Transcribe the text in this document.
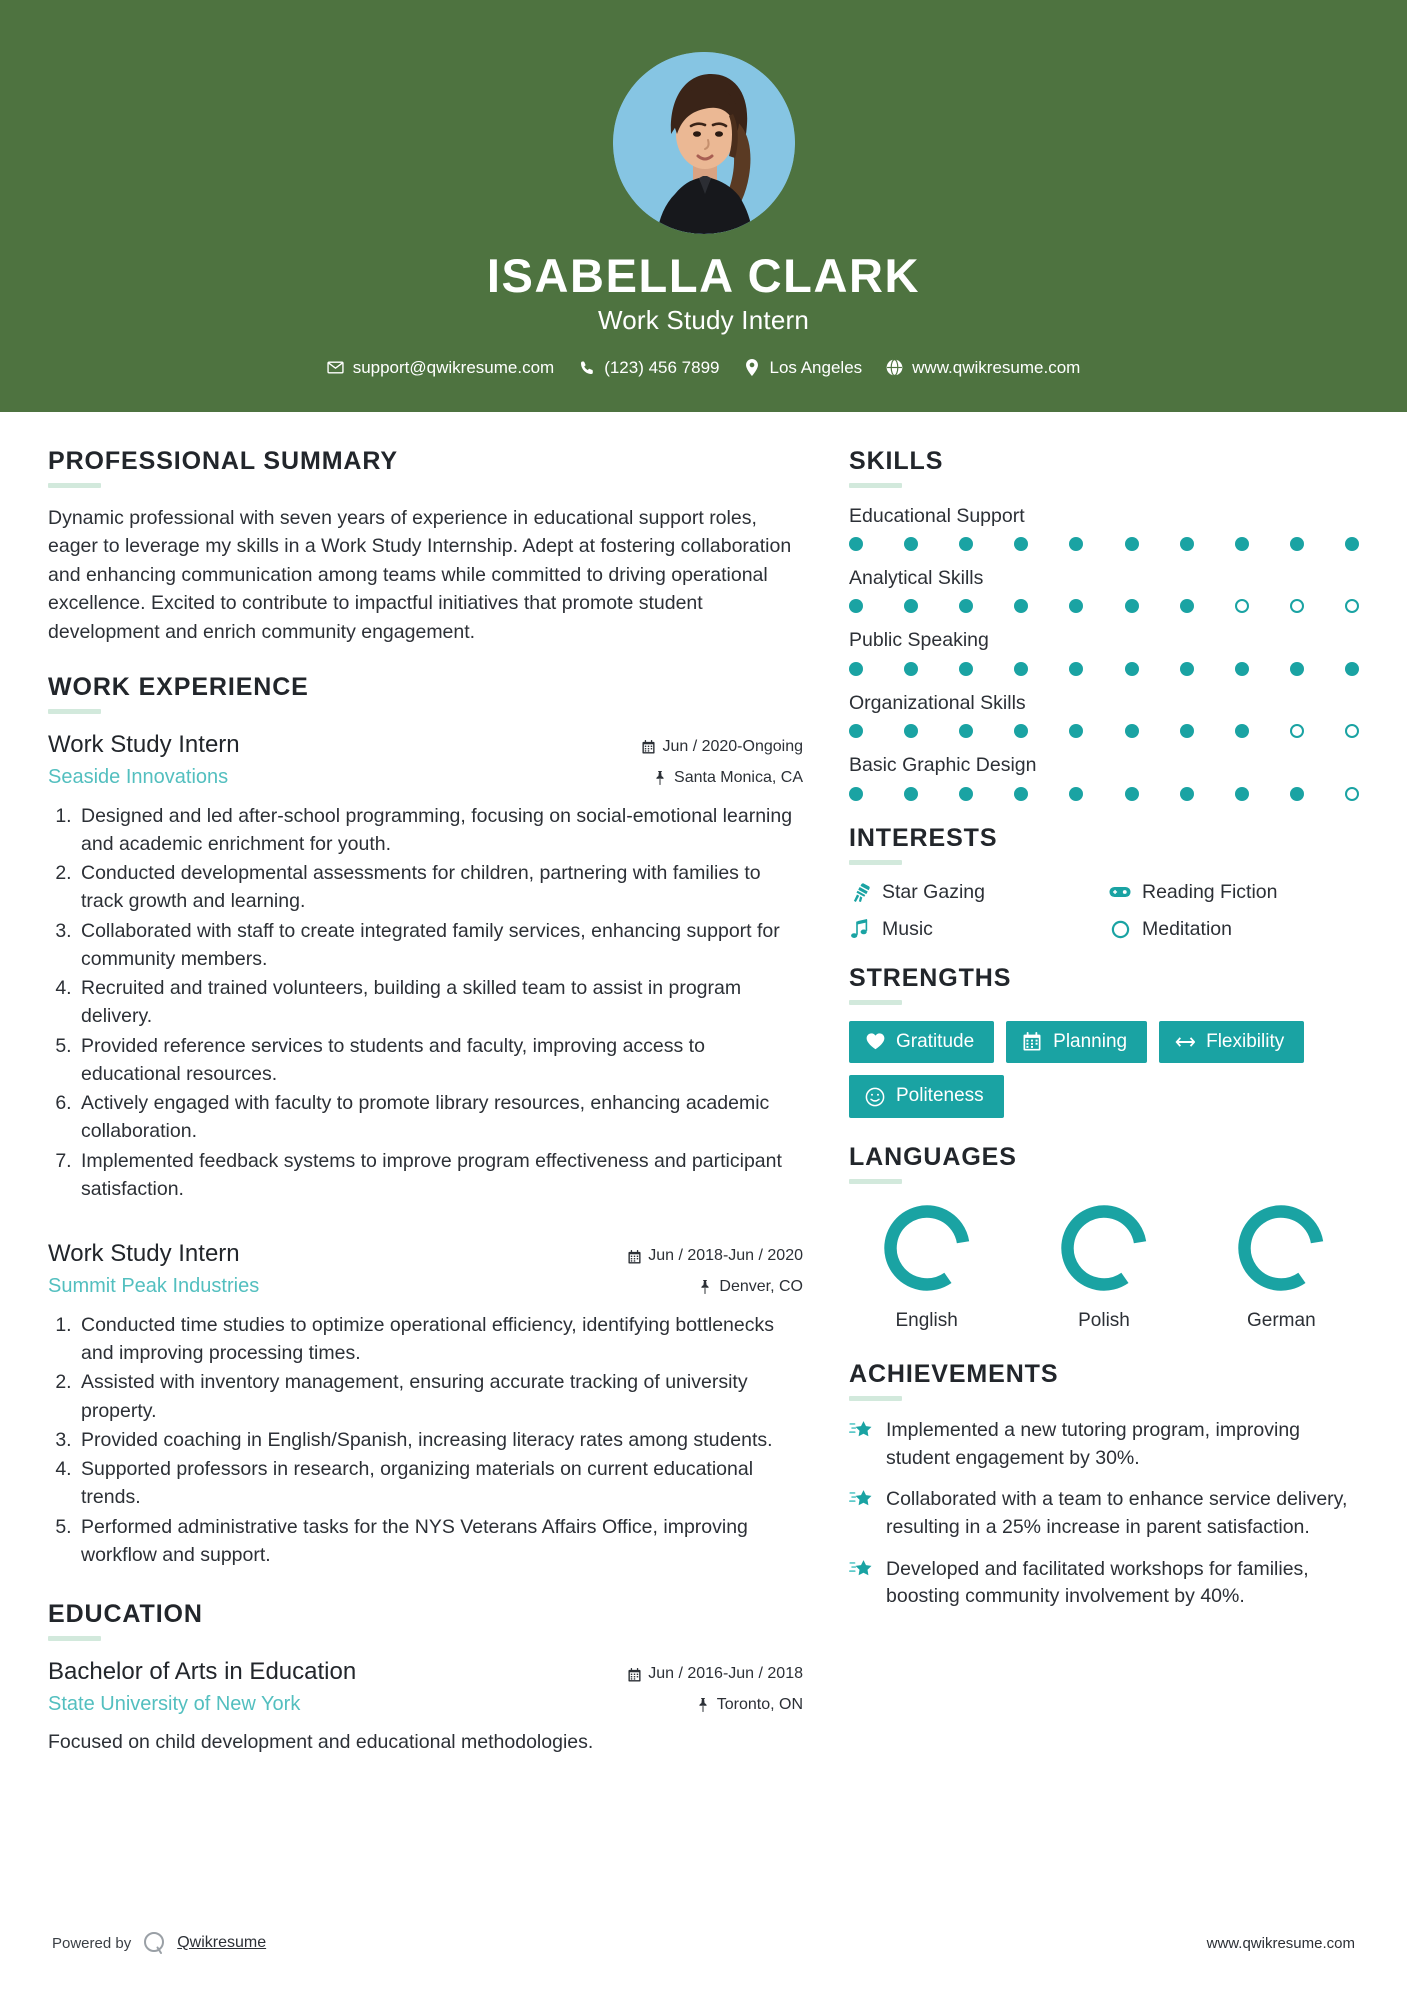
ISABELLA CLARK
Work Study Intern
support@qwikresume.com	(123) 456 7899	Los Angeles	www.qwikresume.com
PROFESSIONAL SUMMARY
Dynamic professional with seven years of experience in educational support roles, eager to leverage my skills in a Work Study Internship. Adept at fostering collaboration and enhancing communication among teams while committed to driving operational excellence. Excited to contribute to impactful initiatives that promote student development and enrich community engagement.
WORK EXPERIENCE
Work Study Intern
Seaside Innovations
Jun / 2020-Ongoing
Santa Monica, CA
1. Designed and led after-school programming, focusing on social-emotional learning and academic enrichment for youth.
2. Conducted developmental assessments for children, partnering with families to track growth and learning.
3. Collaborated with staff to create integrated family services, enhancing support for community members.
4. Recruited and trained volunteers, building a skilled team to assist in program delivery.
5. Provided reference services to students and faculty, improving access to educational resources.
6. Actively engaged with faculty to promote library resources, enhancing academic collaboration.
7. Implemented feedback systems to improve program effectiveness and participant satisfaction.
Work Study Intern
Summit Peak Industries
Jun / 2018-Jun / 2020
Denver, CO
1. Conducted time studies to optimize operational efficiency, identifying bottlenecks and improving processing times.
2. Assisted with inventory management, ensuring accurate tracking of university property.
3. Provided coaching in English/Spanish, increasing literacy rates among students.
4. Supported professors in research, organizing materials on current educational trends.
5. Performed administrative tasks for the NYS Veterans Affairs Office, improving workflow and support.
EDUCATION
Bachelor of Arts in Education
State University of New York
Jun / 2016-Jun / 2018
Toronto, ON
Focused on child development and educational methodologies.
SKILLS
Educational Support
Analytical Skills
Public Speaking
Organizational Skills
Basic Graphic Design
INTERESTS
Star Gazing	Reading Fiction
Music	Meditation
STRENGTHS
Gratitude	Planning	Flexibility
Politeness
LANGUAGES
English	Polish	German
ACHIEVEMENTS
Implemented a new tutoring program, improving student engagement by 30%.
Collaborated with a team to enhance service delivery, resulting in a 25% increase in parent satisfaction.
Developed and facilitated workshops for families, boosting community involvement by 40%.
Powered by	Qwikresume	www.qwikresume.com
